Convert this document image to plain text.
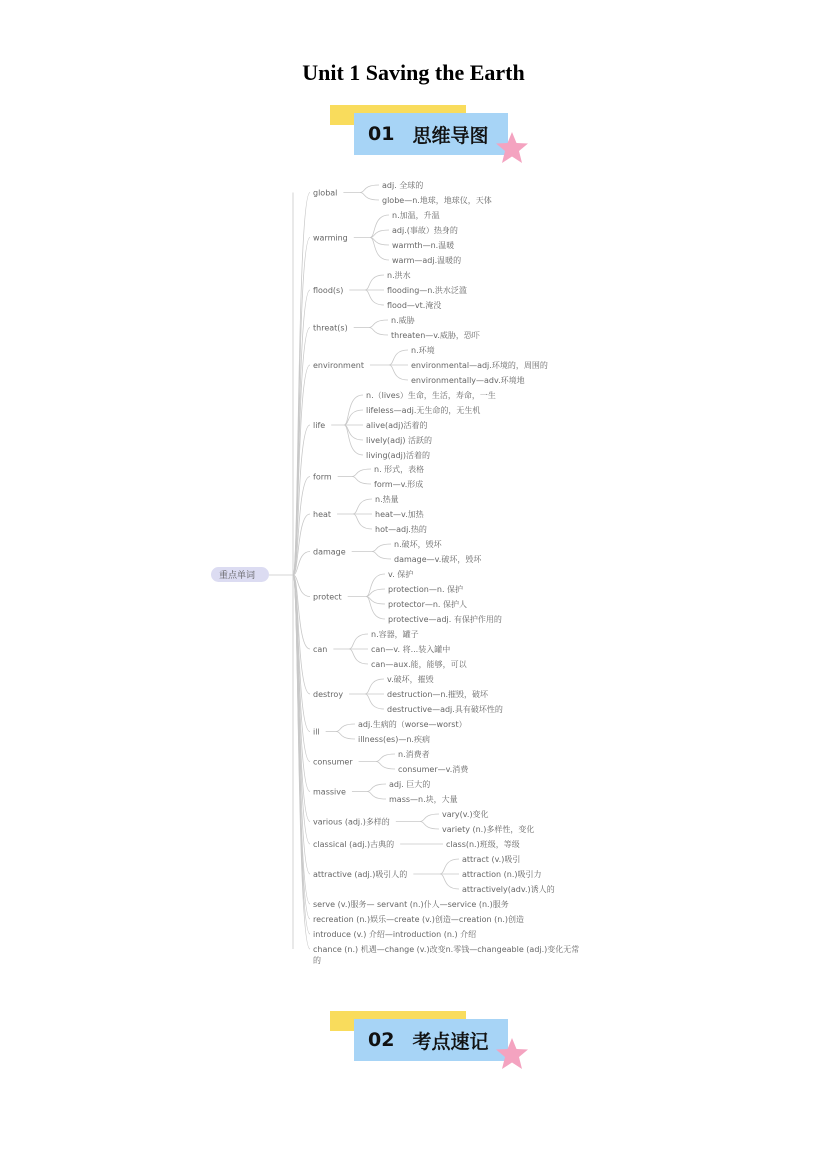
Unit 1 Saving the Earth
01 思维导图
重点单词
global
adj. 全球的
globe—n.地球，地球仪，天体
warming
n.加温，升温
adj.(事故）热身的
warmth—n.温暖
warm—adj.温暖的
flood(s)
n.洪水
flooding—n.洪水泛滥
flood—vt.淹没
threat(s)
n.威胁
threaten—v.威胁，恐吓
environment
n.环境
environmental—adj.环境的，周围的
environmentally—adv.环境地
life
n.（lives）生命，生活，寿命，一生
lifeless—adj.无生命的，无生机
alive(adj)活着的
lively(adj) 活跃的
living(adj)活着的
form
n. 形式，表格
form—v.形成
heat
n.热量
heat—v.加热
hot—adj.热的
damage
n.破坏，毁坏
damage—v.破坏，毁坏
protect
v. 保护
protection—n. 保护
protector—n. 保护人
protective—adj. 有保护作用的
can
n.容器，罐子
can—v. 将...装入罐中
can—aux.能，能够，可以
destroy
v.破坏，摧毁
destruction—n.摧毁，破坏
destructive—adj.具有破坏性的
ill
adj.生病的（worse—worst）
illness(es)—n.疾病
consumer
n.消费者
consumer—v.消费
massive
adj. 巨大的
mass—n.块，大量
various (adj.)多样的
vary(v.)变化
variety (n.)多样性，变化
classical (adj.)古典的	class(n.)班级，等级
attractive (adj.)吸引人的
attract (v.)吸引
attraction (n.)吸引力
attractively(adv.)诱人的
serve (v.)服务— servant (n.)仆人—service (n.)服务
recreation (n.)娱乐—create (v.)创造—creation (n.)创造
introduce (v.) 介绍—introduction (n.) 介绍
chance (n.) 机遇—change (v.)改变n.零钱—changeable (adj.)变化无常的
02 考点速记
